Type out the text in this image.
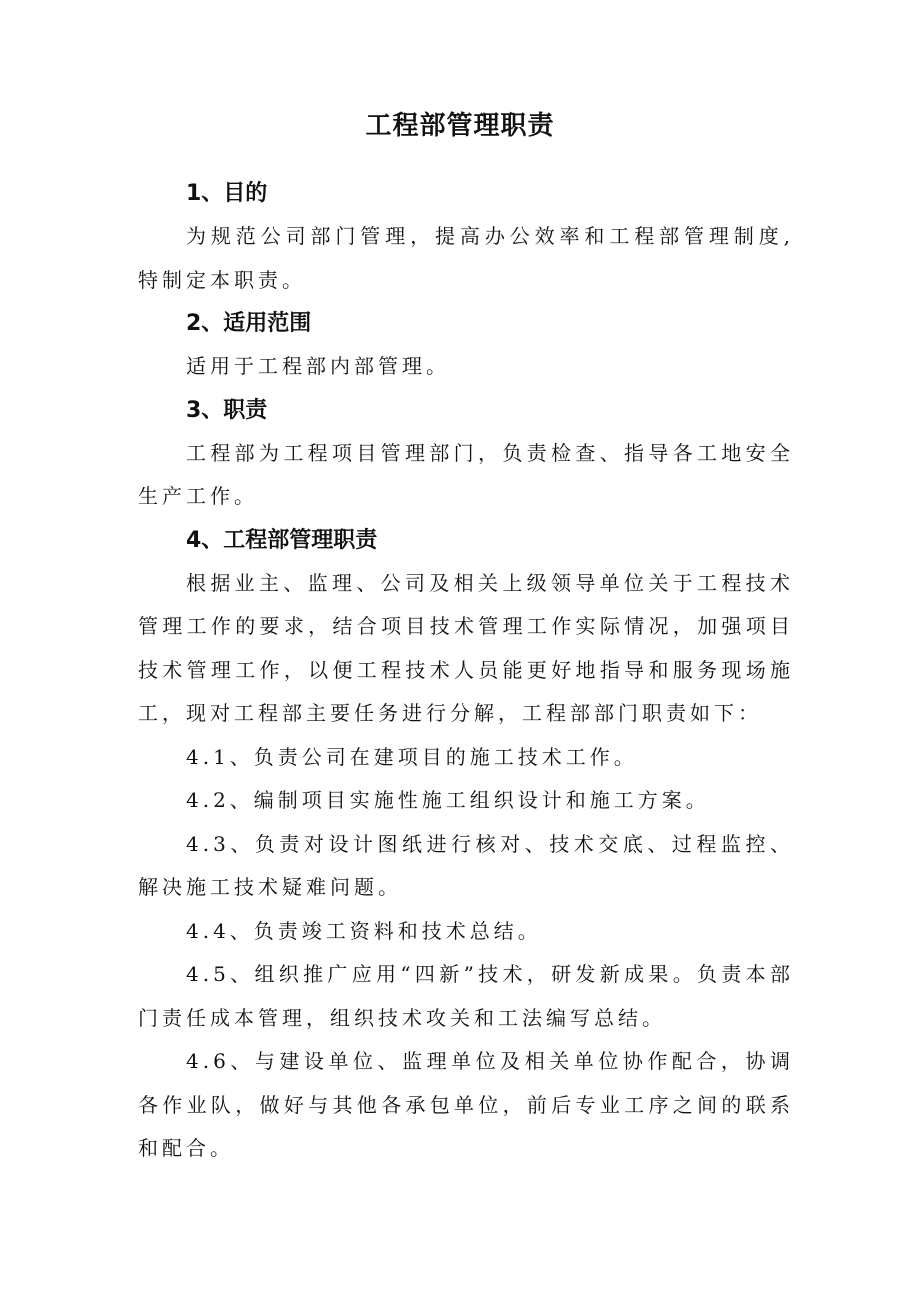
工程部管理职责
1、目的

为规范公司部门管理，提高办公效率和工程部管理制度,特制定本职责。

2、适用范围

适用于工程部内部管理。

3、职责

工程部为工程项目管理部门，负责检查、指导各工地安全生产工作。

4、工程部管理职责

根据业主、监理、公司及相关上级领导单位关于工程技术管理工作的要求，结合项目技术管理工作实际情况，加强项目技术管理工作，以便工程技术人员能更好地指导和服务现场施工，现对工程部主要任务进行分解，工程部部门职责如下：

4.1、负责公司在建项目的施工技术工作。

4.2、编制项目实施性施工组织设计和施工方案。

4.3、负责对设计图纸进行核对、技术交底、过程监控、解决施工技术疑难问题。

4.4、负责竣工资料和技术总结。

4.5、组织推广应用“四新”技术，研发新成果。负责本部门责任成本管理，组织技术攻关和工法编写总结。

4.6、与建设单位、监理单位及相关单位协作配合，协调各作业队，做好与其他各承包单位，前后专业工序之间的联系和配合。
